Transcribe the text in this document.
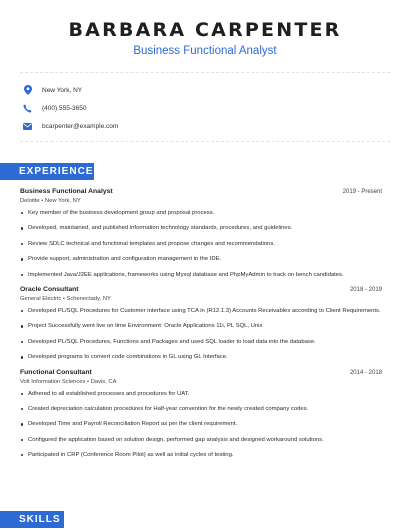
BARBARA CARPENTER
Business Functional Analyst
New York, NY
(400) 555-3650
bcarpenter@example.com
EXPERIENCE
Business Functional Analyst	2019 - Present
Deloitte • New York, NY
Key member of the business development group and proposal process.
Developed, maintained, and published information technology standards, procedures, and guidelines.
Review SDLC technical and functional templates and propose changes and recommendations.
Provide support, administration and configuration management in the IDE.
Implemented Java/J2EE applications, frameworks using Mysql database and PhpMyAdmin to track on bench candidates.
Oracle Consultant	2018 - 2019
General Electric • Schenectady, NY
Developed PL/SQL Procedures for Customer interface using TCA in (R12.1.3) Accounts Receivables according to Client Requirements.
Project Successfully went live on time Environment: Oracle Applications 11i, PL SQL, Unix
Developed PL/SQL Procedures, Functions and Packages and used SQL loader to load data into the database.
Developed programs to convert code combinations in GL using GL Interface.
Functional Consultant	2014 - 2018
Volt Information Sciences • Davis, CA
Adhered to all established processes and procedures for UAT.
Created depreciation calculation procedures for Half-year convention for the newly created company codes.
Developed Time and Payroll Reconciliation Report as per the client requirement.
Configured the application based on solution design, performed gap analysis and designed workaround solutions.
Participated in CRP (Conference Room Pilot) as well as initial cycles of testing.
SKILLS
